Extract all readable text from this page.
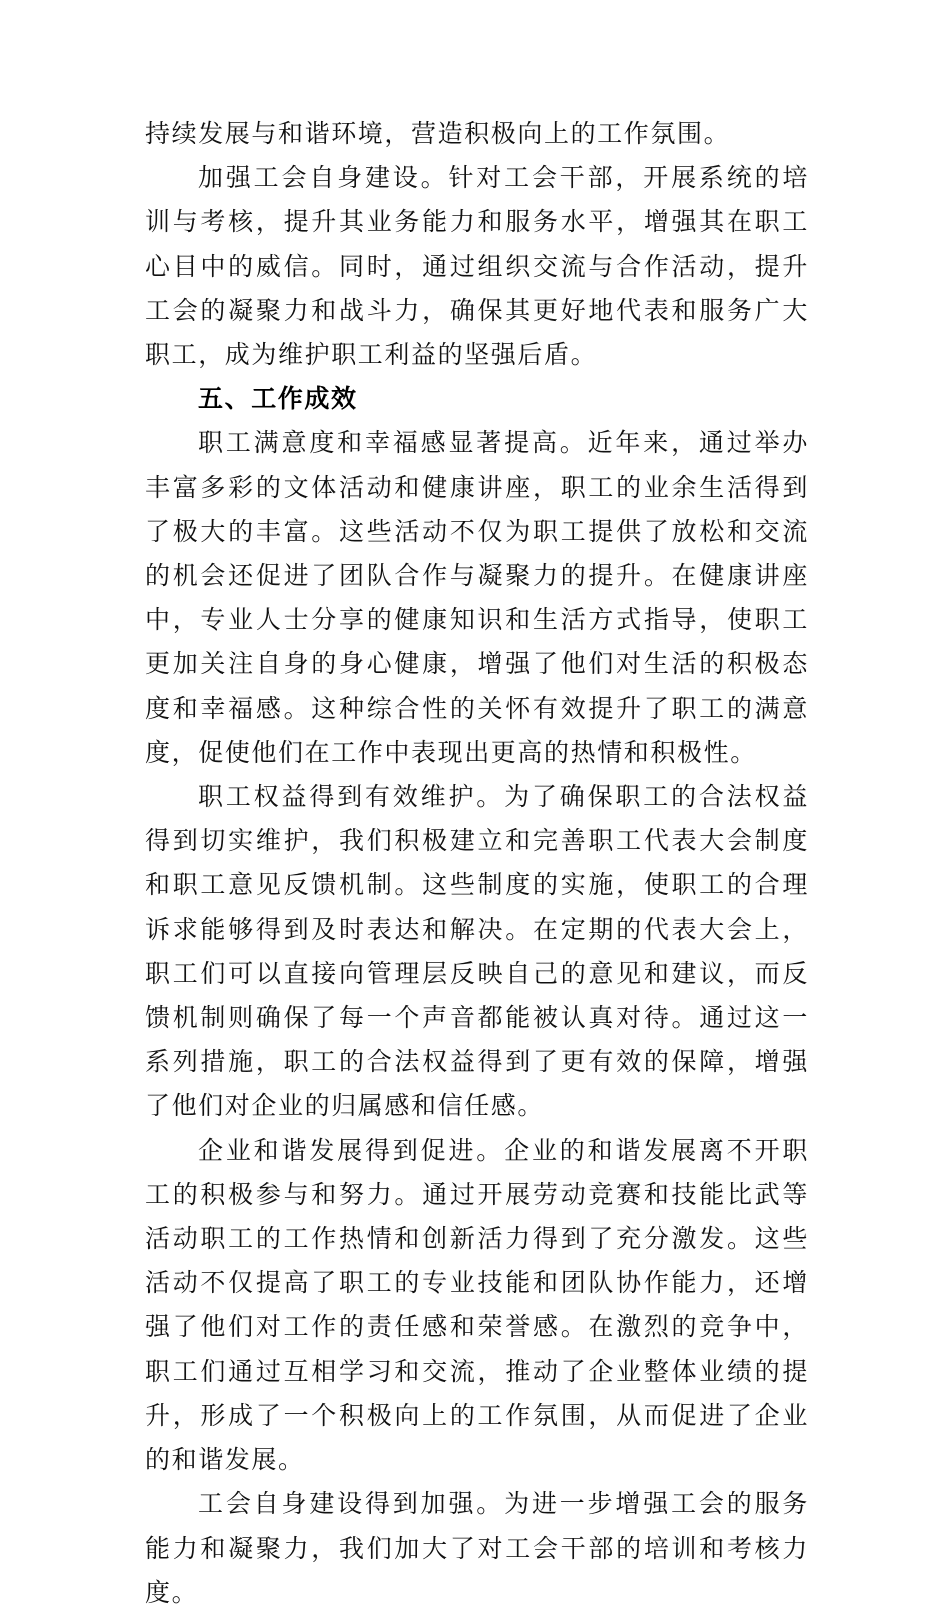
持续发展与和谐环境，营造积极向上的工作氛围。

加强工会自身建设。针对工会干部，开展系统的培训与考核，提升其业务能力和服务水平，增强其在职工心目中的威信。同时，通过组织交流与合作活动，提升工会的凝聚力和战斗力，确保其更好地代表和服务广大职工，成为维护职工利益的坚强后盾。

五、工作成效

职工满意度和幸福感显著提高。近年来，通过举办丰富多彩的文体活动和健康讲座，职工的业余生活得到了极大的丰富。这些活动不仅为职工提供了放松和交流的机会还促进了团队合作与凝聚力的提升。在健康讲座中，专业人士分享的健康知识和生活方式指导，使职工更加关注自身的身心健康，增强了他们对生活的积极态度和幸福感。这种综合性的关怀有效提升了职工的满意度，促使他们在工作中表现出更高的热情和积极性。

职工权益得到有效维护。为了确保职工的合法权益得到切实维护，我们积极建立和完善职工代表大会制度和职工意见反馈机制。这些制度的实施，使职工的合理诉求能够得到及时表达和解决。在定期的代表大会上，职工们可以直接向管理层反映自己的意见和建议，而反馈机制则确保了每一个声音都能被认真对待。通过这一系列措施，职工的合法权益得到了更有效的保障，增强了他们对企业的归属感和信任感。

企业和谐发展得到促进。企业的和谐发展离不开职工的积极参与和努力。通过开展劳动竞赛和技能比武等活动职工的工作热情和创新活力得到了充分激发。这些活动不仅提高了职工的专业技能和团队协作能力，还增强了他们对工作的责任感和荣誉感。在激烈的竞争中，职工们通过互相学习和交流，推动了企业整体业绩的提升，形成了一个积极向上的工作氛围，从而促进了企业的和谐发展。

工会自身建设得到加强。为进一步增强工会的服务能力和凝聚力，我们加大了对工会干部的培训和考核力度。
